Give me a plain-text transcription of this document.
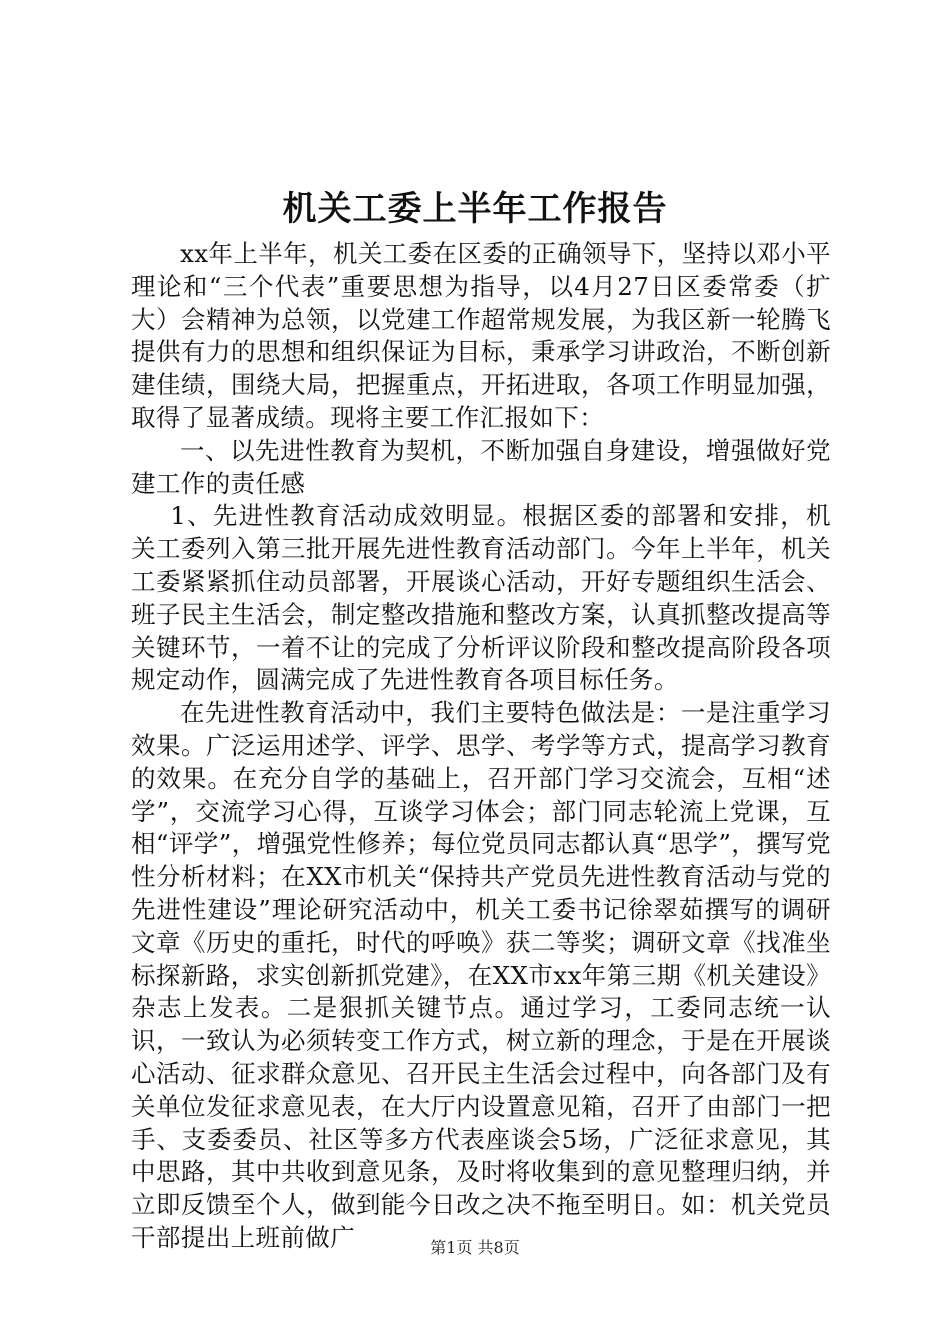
机关工委上半年工作报告

xx年上半年，机关工委在区委的正确领导下，坚持以邓小平理论和“三个代表”重要思想为指导，以4月27日区委常委（扩大）会精神为总领，以党建工作超常规发展，为我区新一轮腾飞提供有力的思想和组织保证为目标，秉承学习讲政治，不断创新建佳绩，围绕大局，把握重点，开拓进取，各项工作明显加强，取得了显著成绩。现将主要工作汇报如下：

一、以先进性教育为契机，不断加强自身建设，增强做好党建工作的责任感

1、先进性教育活动成效明显。根据区委的部署和安排，机关工委列入第三批开展先进性教育活动部门。今年上半年，机关工委紧紧抓住动员部署，开展谈心活动，开好专题组织生活会、班子民主生活会，制定整改措施和整改方案，认真抓整改提高等关键环节，一着不让的完成了分析评议阶段和整改提高阶段各项规定动作，圆满完成了先进性教育各项目标任务。

在先进性教育活动中，我们主要特色做法是：一是注重学习效果。广泛运用述学、评学、思学、考学等方式，提高学习教育的效果。在充分自学的基础上，召开部门学习交流会，互相“述学”，交流学习心得，互谈学习体会；部门同志轮流上党课，互相“评学”，增强党性修养；每位党员同志都认真“思学”，撰写党性分析材料；在XX市机关“保持共产党员先进性教育活动与党的先进性建设”理论研究活动中，机关工委书记徐翠茹撰写的调研文章《历史的重托，时代的呼唤》获二等奖；调研文章《找准坐标探新路，求实创新抓党建》，在XX市xx年第三期《机关建设》杂志上发表。二是狠抓关键节点。通过学习，工委同志统一认识，一致认为必须转变工作方式，树立新的理念，于是在开展谈心活动、征求群众意见、召开民主生活会过程中，向各部门及有关单位发征求意见表，在大厅内设置意见箱，召开了由部门一把手、支委委员、社区等多方代表座谈会5场，广泛征求意见，其中思路，其中共收到意见条，及时将收集到的意见整理归纳，并立即反馈至个人，做到能今日改之决不拖至明日。如：机关党员干部提出上班前做广	第1页 共8页
